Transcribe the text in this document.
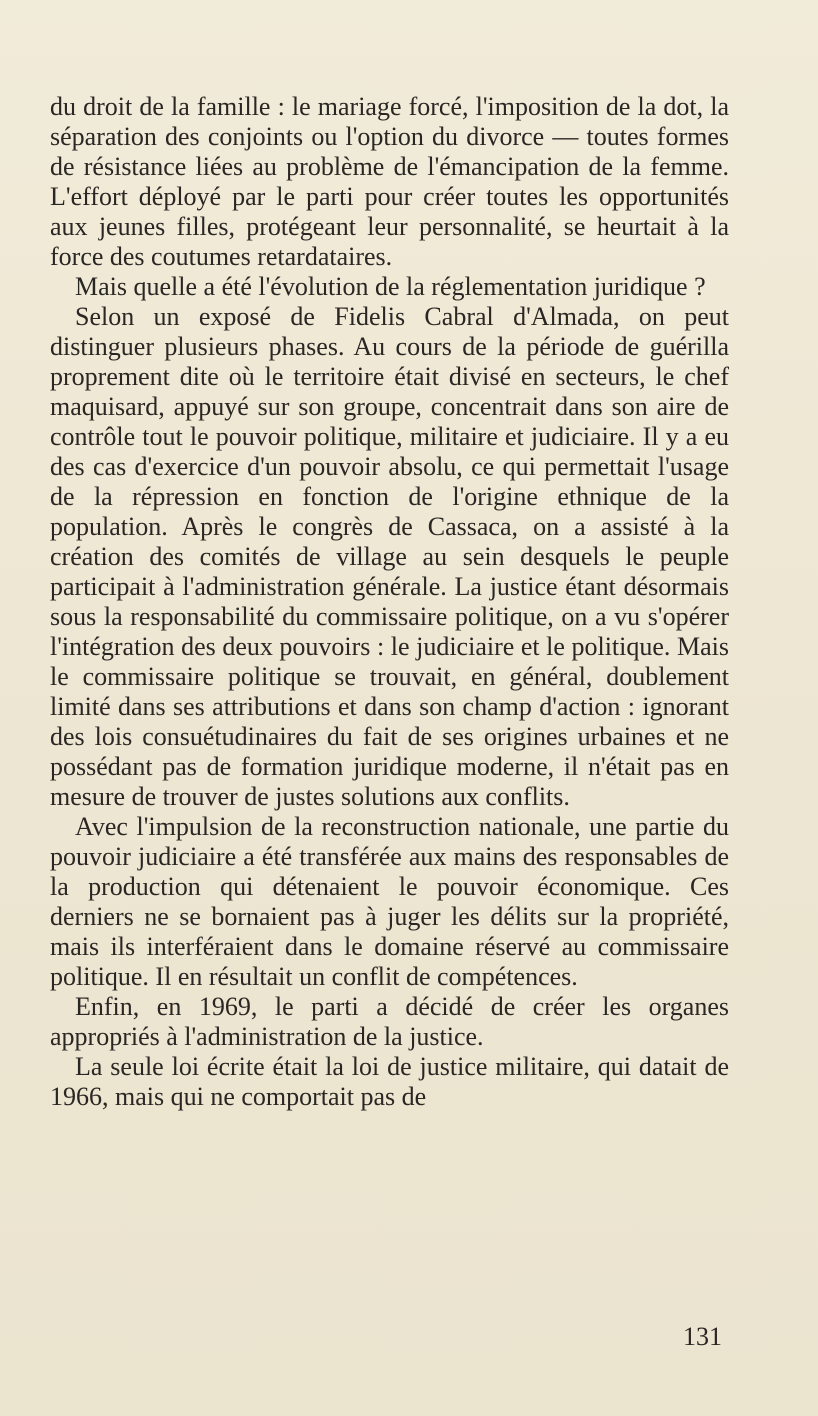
du droit de la famille : le mariage forcé, l'imposition de la dot, la séparation des conjoints ou l'option du divorce — toutes formes de résistance liées au problème de l'émancipation de la femme. L'effort déployé par le parti pour créer toutes les opportunités aux jeunes filles, protégeant leur personnalité, se heurtait à la force des coutumes retardataires.

Mais quelle a été l'évolution de la réglementation juridique ?

Selon un exposé de Fidelis Cabral d'Almada, on peut distinguer plusieurs phases. Au cours de la période de guérilla proprement dite où le territoire était divisé en secteurs, le chef maquisard, appuyé sur son groupe, concentrait dans son aire de contrôle tout le pouvoir politique, militaire et judiciaire. Il y a eu des cas d'exercice d'un pouvoir absolu, ce qui permettait l'usage de la répression en fonction de l'origine ethnique de la population. Après le congrès de Cassaca, on a assisté à la création des comités de village au sein desquels le peuple participait à l'administration générale. La justice étant désormais sous la responsabilité du commissaire politique, on a vu s'opérer l'intégration des deux pouvoirs : le judiciaire et le politique. Mais le commissaire politique se trouvait, en général, doublement limité dans ses attributions et dans son champ d'action : ignorant des lois consuétudinaires du fait de ses origines urbaines et ne possédant pas de formation juridique moderne, il n'était pas en mesure de trouver de justes solutions aux conflits.

Avec l'impulsion de la reconstruction nationale, une partie du pouvoir judiciaire a été transférée aux mains des responsables de la production qui détenaient le pouvoir économique. Ces derniers ne se bornaient pas à juger les délits sur la propriété, mais ils interféraient dans le domaine réservé au commissaire politique. Il en résultait un conflit de compétences.

Enfin, en 1969, le parti a décidé de créer les organes appropriés à l'administration de la justice.

La seule loi écrite était la loi de justice militaire, qui datait de 1966, mais qui ne comportait pas de

131
